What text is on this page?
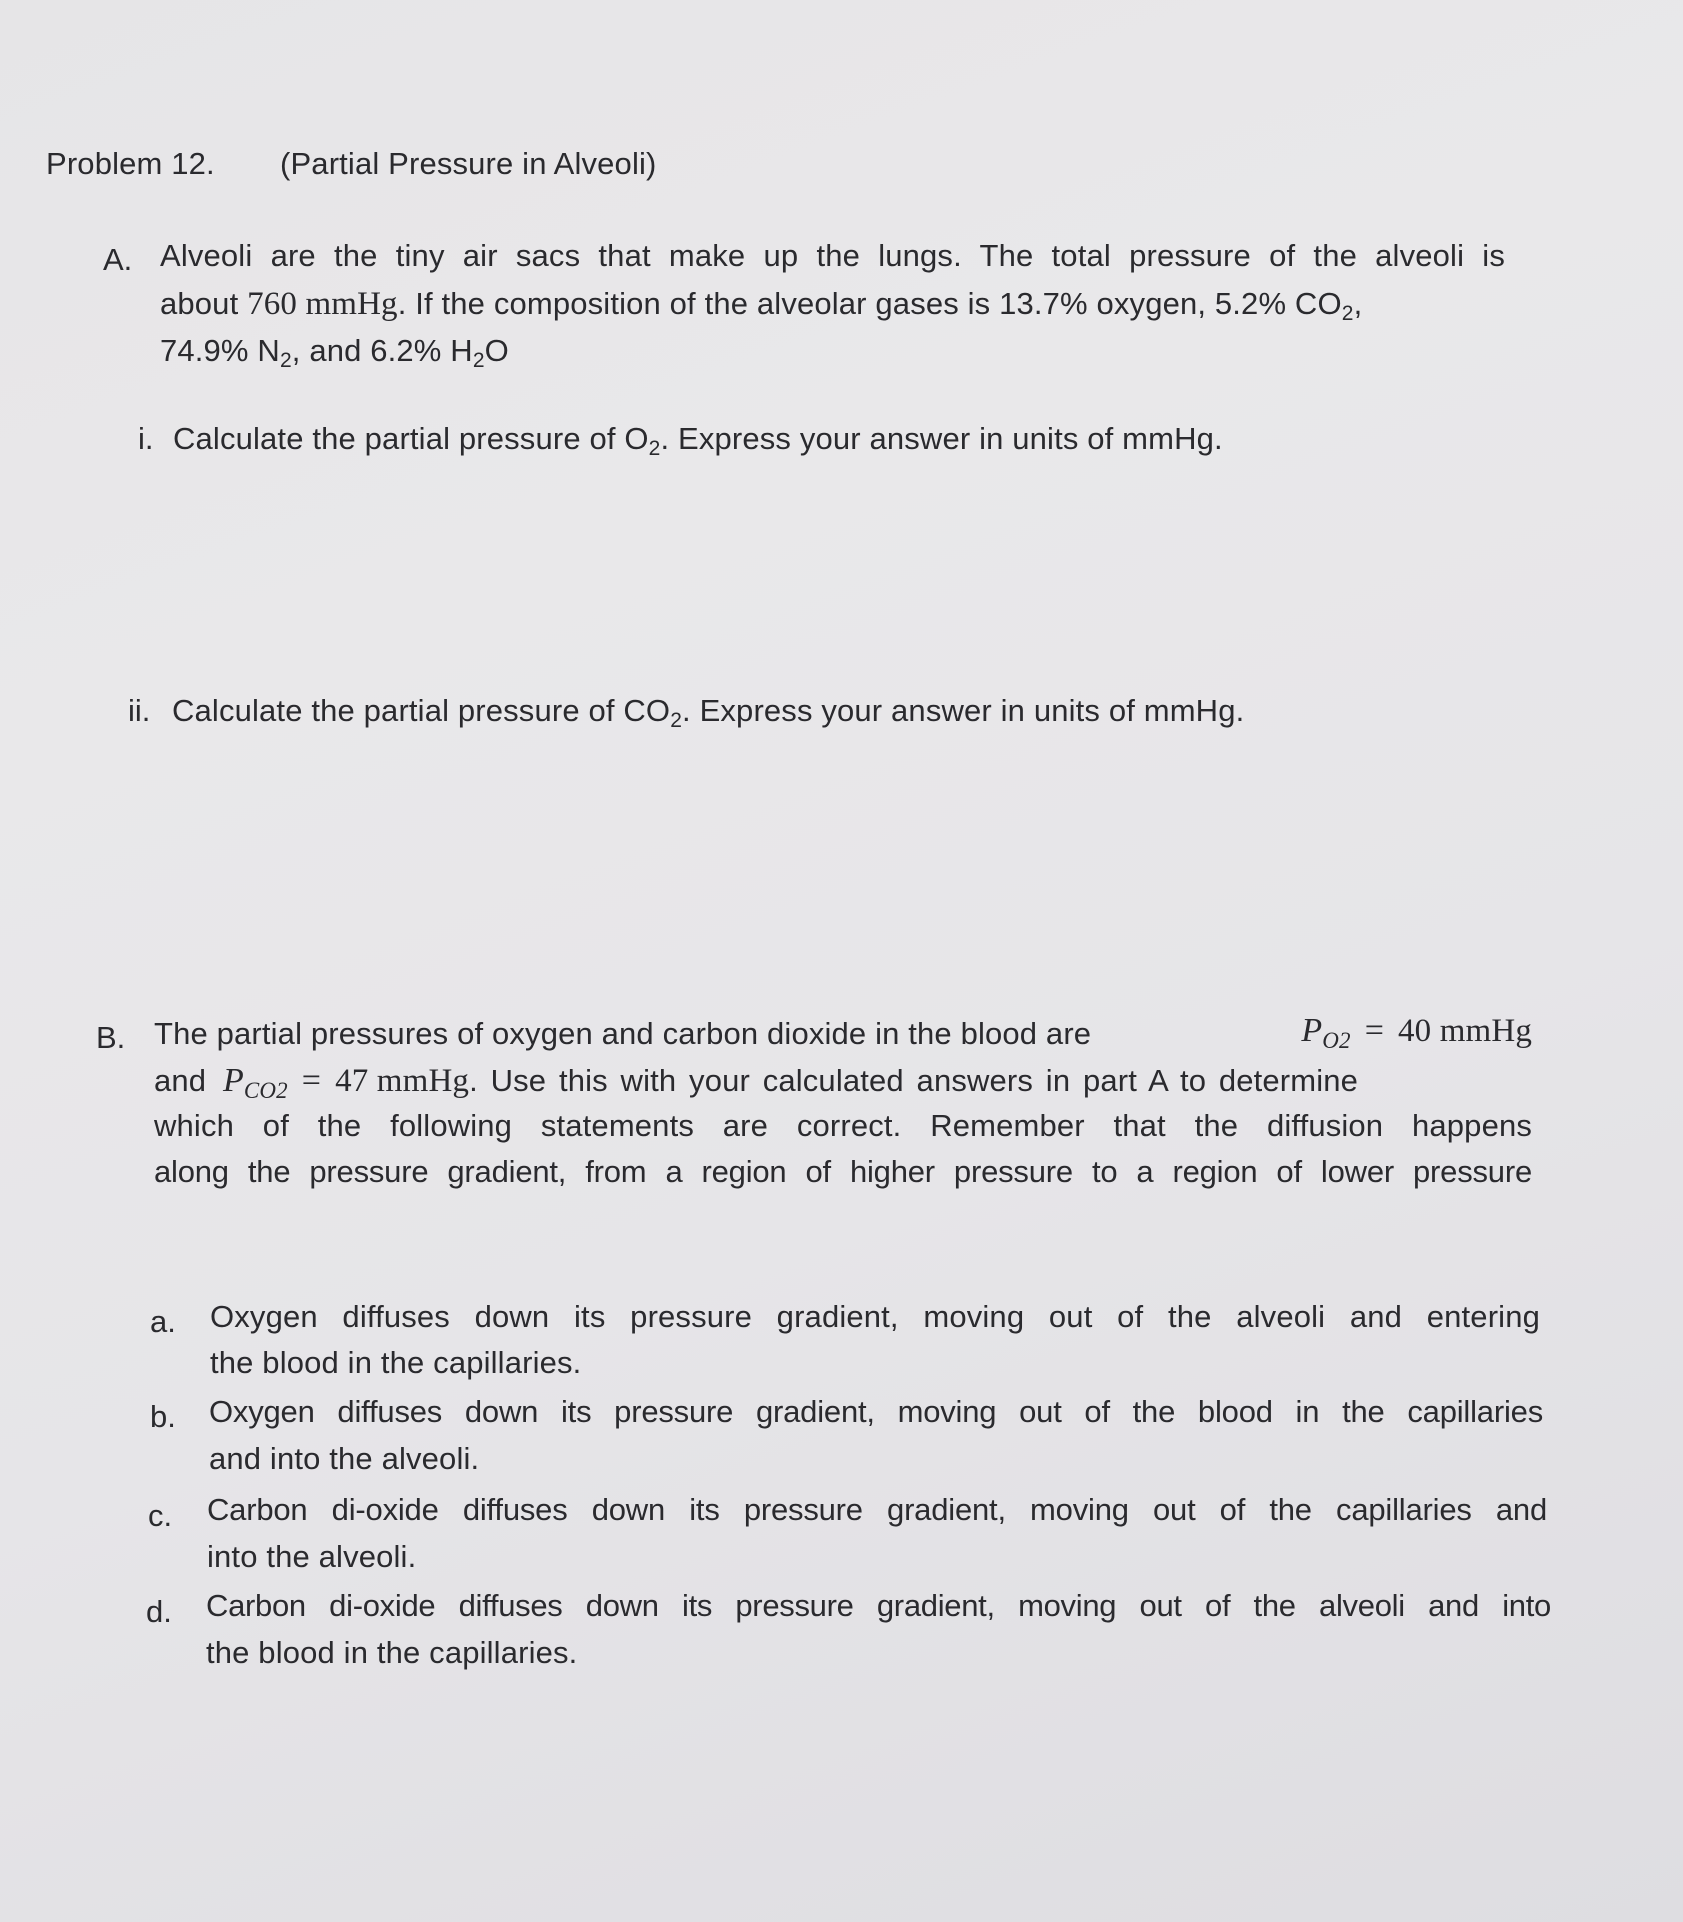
Problem 12. (Partial Pressure in Alveoli)
A. Alveoli are the tiny air sacs that make up the lungs. The total pressure of the alveoli is
about 760 mmHg. If the composition of the alveolar gases is 13.7% oxygen, 5.2% $CO_2$,
74.9% $N_2$, and 6.2% $H_2O$
i. Calculate the partial pressure of $O_2$. Express your answer in units of mmHg.
ii. Calculate the partial pressure of $CO_2$. Express your answer in units of mmHg.
B. The partial pressures of oxygen and carbon dioxide in the blood are	$P_{O2} = 40$ mmHg
and $P_{CO2} = 47$ mmHg. Use this with your calculated answers in part A to determine
which of the following statements are correct. Remember that the diffusion happens
along the pressure gradient, from a region of higher pressure to a region of lower pressure
a. Oxygen diffuses down its pressure gradient, moving out of the alveoli and entering
the blood in the capillaries.
b. Oxygen diffuses down its pressure gradient, moving out of the blood in the capillaries
and into the alveoli.
c. Carbon di-oxide diffuses down its pressure gradient, moving out of the capillaries and
into the alveoli.
d. Carbon di-oxide diffuses down its pressure gradient, moving out of the alveoli and into
the blood in the capillaries.
